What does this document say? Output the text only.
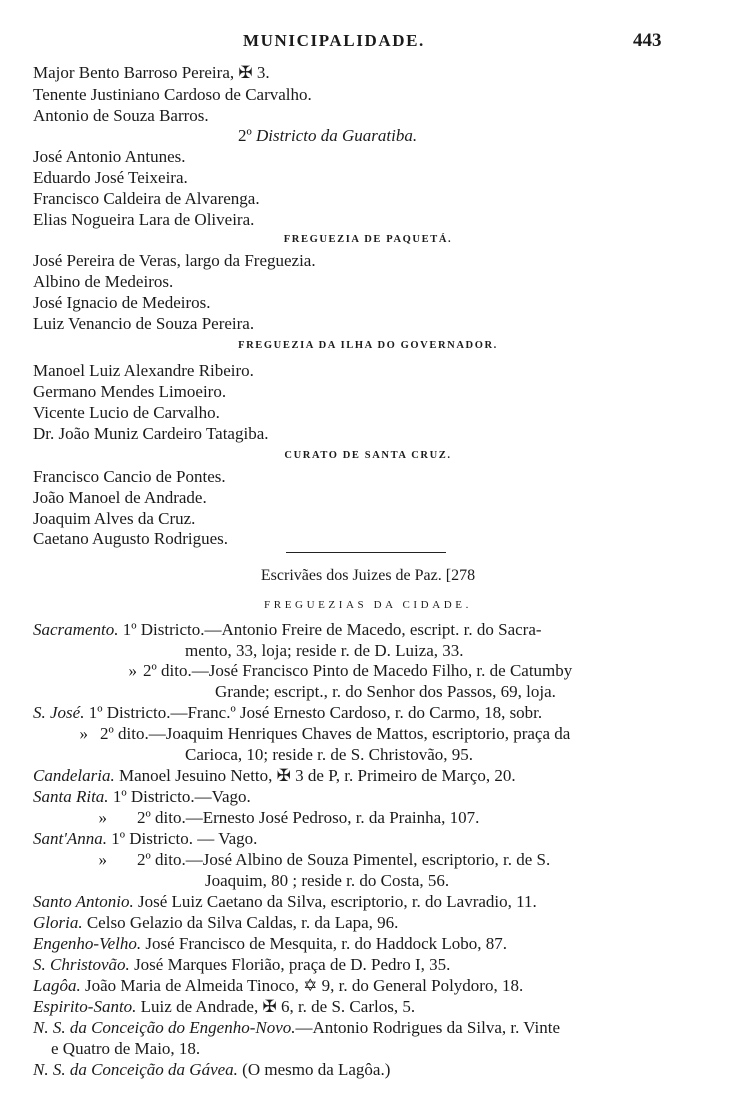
MUNICIPALIDADE.	443
Major Bento Barroso Pereira, ✠ 3.
Tenente Justiniano Cardoso de Carvalho.
Antonio de Souza Barros.
2º Districto da Guaratiba.
José Antonio Antunes.
Eduardo José Teixeira.
Francisco Caldeira de Alvarenga.
Elias Nogueira Lara de Oliveira.
FREGUEZIA DE PAQUETÁ.
José Pereira de Veras, largo da Freguezia.
Albino de Medeiros.
José Ignacio de Medeiros.
Luiz Venancio de Souza Pereira.
FREGUEZIA DA ILHA DO GOVERNADOR.
Manoel Luiz Alexandre Ribeiro.
Germano Mendes Limoeiro.
Vicente Lucio de Carvalho.
Dr. João Muniz Cardeiro Tatagiba.
CURATO DE SANTA CRUZ.
Francisco Cancio de Pontes.
João Manoel de Andrade.
Joaquim Alves da Cruz.
Caetano Augusto Rodrigues.
Escrivães dos Juizes de Paz. [278
FREGUEZIAS DA CIDADE.
Sacramento. 1º Districto.—Antonio Freire de Macedo, escript. r. do Sacra-
mento, 33, loja; reside r. de D. Luiza, 33.
» 2º dito.—José Francisco Pinto de Macedo Filho, r. de Catumby
Grande; escript., r. do Senhor dos Passos, 69, loja.
S. José. 1º Districto.—Franc.º José Ernesto Cardoso, r. do Carmo, 18, sobr.
» 2º dito.—Joaquim Henriques Chaves de Mattos, escriptorio, praça da
Carioca, 10; reside r. de S. Christovão, 95.
Candelaria. Manoel Jesuino Netto, ✠ 3 de P, r. Primeiro de Março, 20.
Santa Rita. 1º Districto.—Vago.
» 2º dito.—Ernesto José Pedroso, r. da Prainha, 107.
Sant'Anna. 1º Districto. — Vago.
» 2º dito.—José Albino de Souza Pimentel, escriptorio, r. de S.
Joaquim, 80 ; reside r. do Costa, 56.
Santo Antonio. José Luiz Caetano da Silva, escriptorio, r. do Lavradio, 11.
Gloria. Celso Gelazio da Silva Caldas, r. da Lapa, 96.
Engenho-Velho. José Francisco de Mesquita, r. do Haddock Lobo, 87.
S. Christovão. José Marques Florião, praça de D. Pedro I, 35.
Lagôa. João Maria de Almeida Tinoco, ✡ 9, r. do General Polydoro, 18.
Espirito-Santo. Luiz de Andrade, ✠ 6, r. de S. Carlos, 5.
N. S. da Conceição do Engenho-Novo.—Antonio Rodrigues da Silva, r. Vinte
e Quatro de Maio, 18.
N. S. da Conceição da Gávea. (O mesmo da Lagôa.)
